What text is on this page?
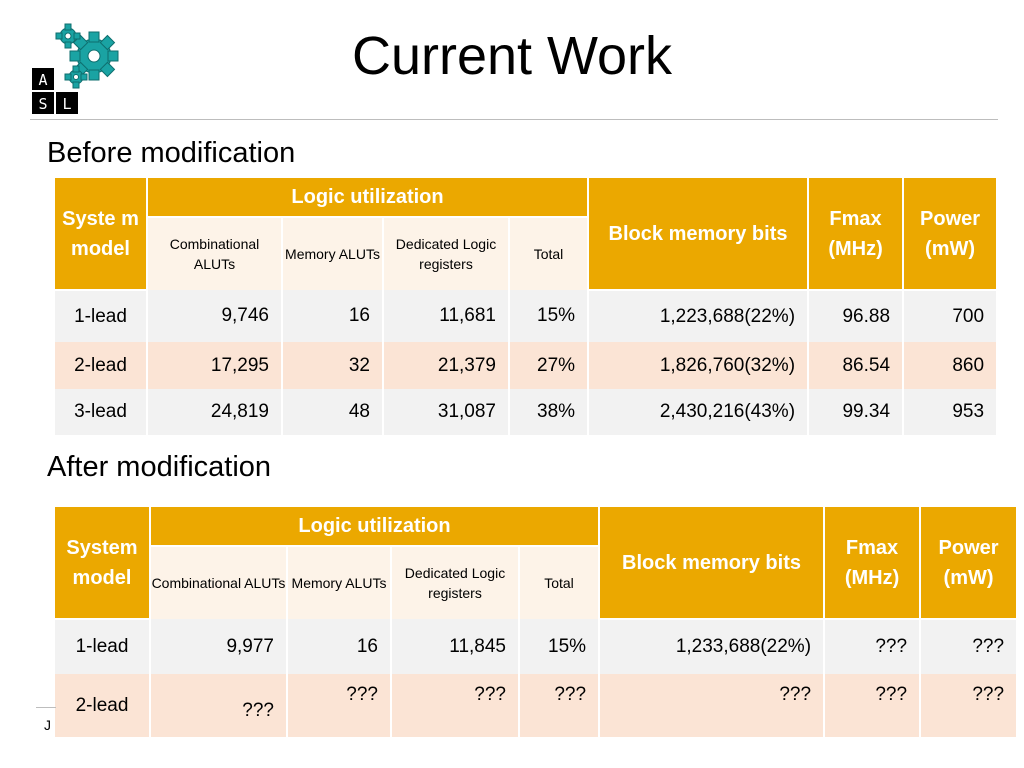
A
S L
Current Work
Before modification
Syste m model	Logic utilization				Block memory bits	Fmax (MHz)	Power (mW)
	Combinational ALUTs	Memory ALUTs	Dedicated Logic registers	Total			
1-lead	9,746	16	11,681	15%	1,223,688(22%)	96.88	700
2-lead	17,295	32	21,379	27%	1,826,760(32%)	86.54	860
3-lead	24,819	48	31,087	38%	2,430,216(43%)	99.34	953
After modification
System model	Logic utilization				Block memory bits	Fmax (MHz)	Power (mW)
	Combinational ALUTs	Memory ALUTs	Dedicated Logic registers	Total			
1-lead	9,977	16	11,845	15%	1,233,688(22%)	???	???
2-lead	???	???	???	???	???	???	???
J
